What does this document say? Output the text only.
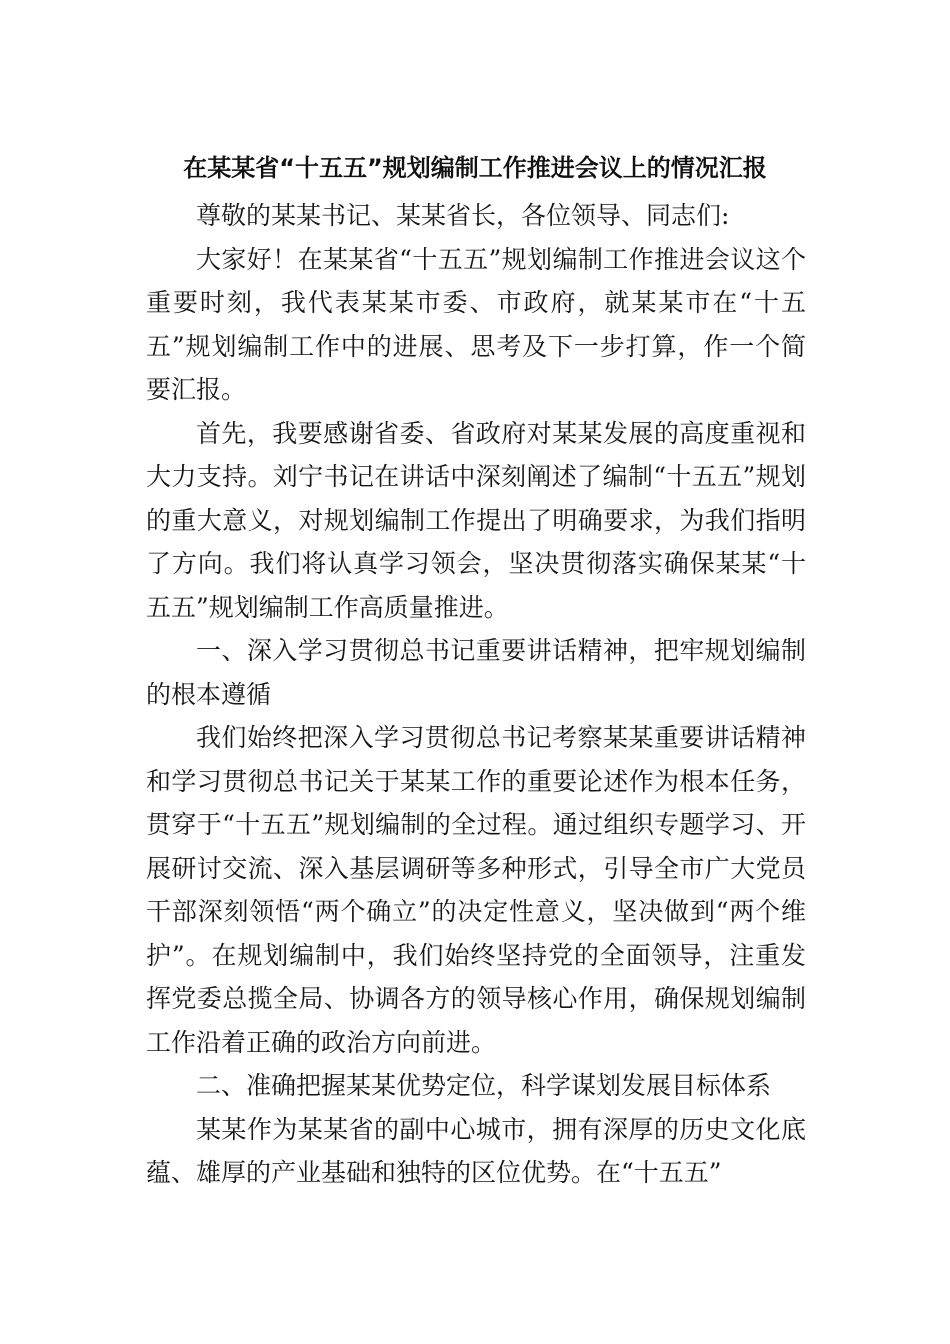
在某某省“十五五”规划编制工作推进会议上的情况汇报

尊敬的某某书记、某某省长，各位领导、同志们:

大家好！在某某省“十五五”规划编制工作推进会议这个重要时刻，我代表某某市委、市政府，就某某市在“十五五”规划编制工作中的进展、思考及下一步打算，作一个简要汇报。

首先，我要感谢省委、省政府对某某发展的高度重视和大力支持。刘宁书记在讲话中深刻阐述了编制“十五五”规划的重大意义，对规划编制工作提出了明确要求，为我们指明了方向。我们将认真学习领会，坚决贯彻落实确保某某“十五五”规划编制工作高质量推进。

一、深入学习贯彻总书记重要讲话精神，把牢规划编制的根本遵循

我们始终把深入学习贯彻总书记考察某某重要讲话精神和学习贯彻总书记关于某某工作的重要论述作为根本任务，贯穿于“十五五”规划编制的全过程。通过组织专题学习、开展研讨交流、深入基层调研等多种形式，引导全市广大党员干部深刻领悟“两个确立”的决定性意义，坚决做到“两个维护”。在规划编制中，我们始终坚持党的全面领导，注重发挥党委总揽全局、协调各方的领导核心作用，确保规划编制工作沿着正确的政治方向前进。

二、准确把握某某优势定位，科学谋划发展目标体系

某某作为某某省的副中心城市，拥有深厚的历史文化底蕴、雄厚的产业基础和独特的区位优势。在“十五五”
